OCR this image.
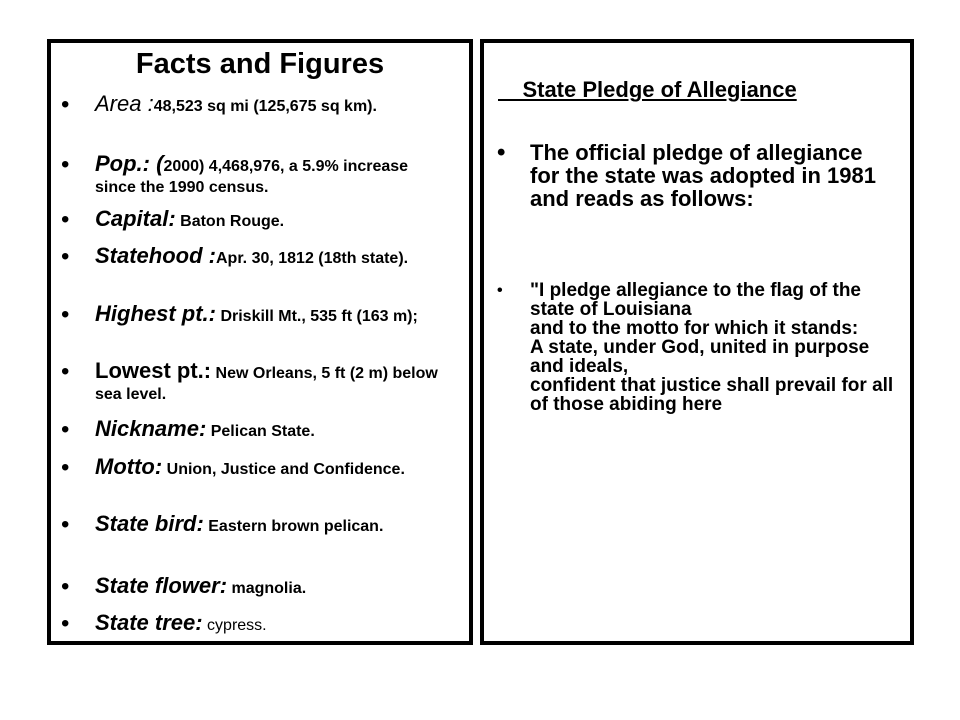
Facts and Figures
• Area :48,523 sq mi (125,675 sq km).
• Pop.: (2000) 4,468,976, a 5.9% increase since the 1990 census.
• Capital: Baton Rouge.
• Statehood :Apr. 30, 1812 (18th state).
• Highest pt.: Driskill Mt., 535 ft (163 m);
• Lowest pt.: New Orleans, 5 ft (2 m) below sea level.
• Nickname: Pelican State.
• Motto: Union, Justice and Confidence.
• State bird: Eastern brown pelican.
• State flower: magnolia.
• State tree: cypress.
State Pledge of Allegiance
• The official pledge of allegiance for the state was adopted in 1981 and reads as follows:
• "I pledge allegiance to the flag of the state of Louisiana
and to the motto for which it stands:
A state, under God, united in purpose and ideals,
confident that justice shall prevail for all of those abiding here
